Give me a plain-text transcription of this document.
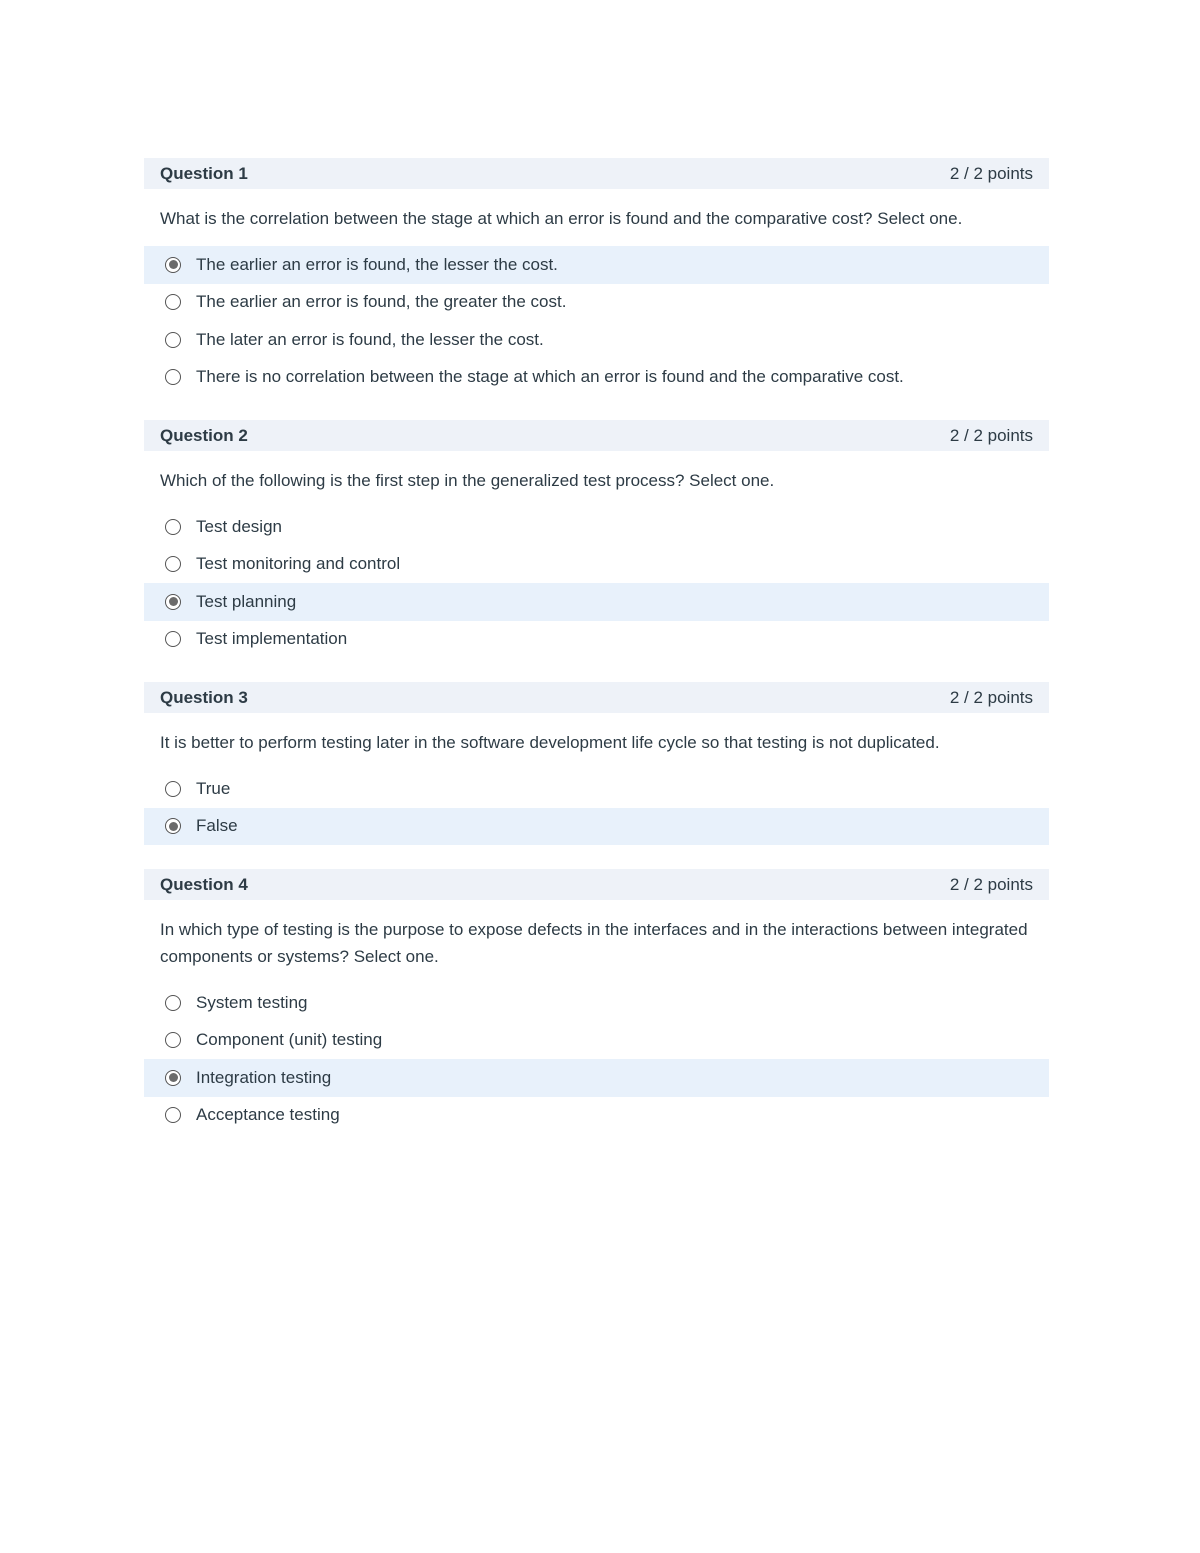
Question 1	2 / 2 points
What is the correlation between the stage at which an error is found and the comparative cost? Select one.
The earlier an error is found, the lesser the cost.
The earlier an error is found, the greater the cost.
The later an error is found, the lesser the cost.
There is no correlation between the stage at which an error is found and the comparative cost.
Question 2	2 / 2 points
Which of the following is the first step in the generalized test process? Select one.
Test design
Test monitoring and control
Test planning
Test implementation
Question 3	2 / 2 points
It is better to perform testing later in the software development life cycle so that testing is not duplicated.
True
False
Question 4	2 / 2 points
In which type of testing is the purpose to expose defects in the interfaces and in the interactions between integrated components or systems? Select one.
System testing
Component (unit) testing
Integration testing
Acceptance testing
